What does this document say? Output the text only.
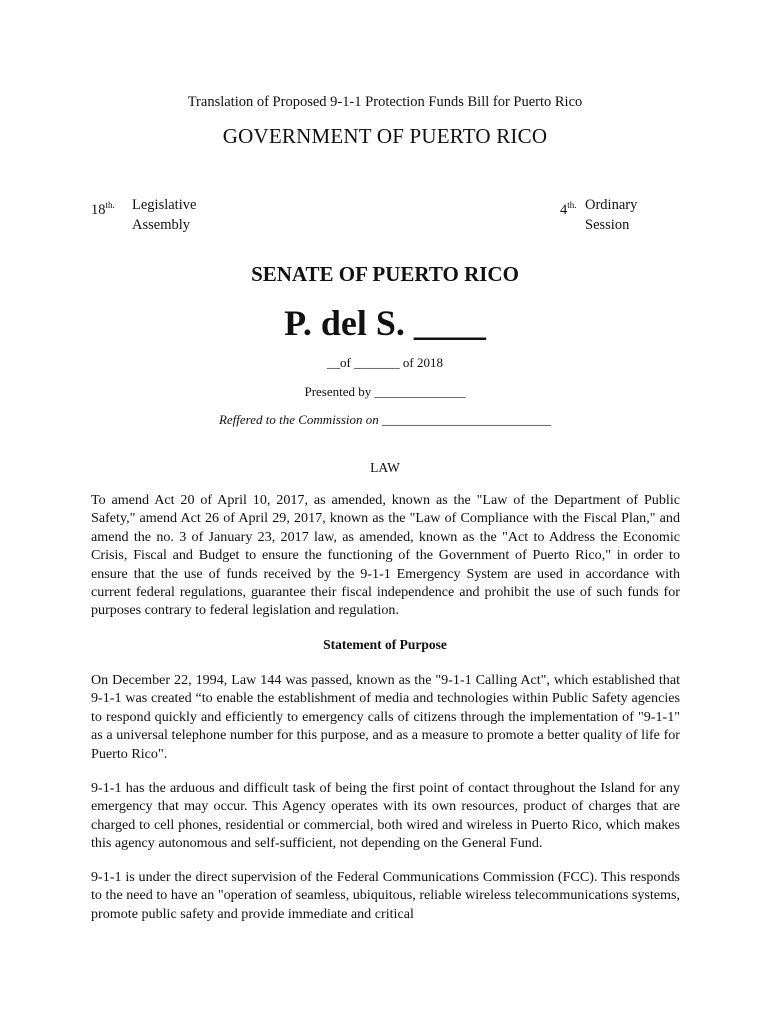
Translation of Proposed 9-1-1 Protection Funds Bill for Puerto Rico
GOVERNMENT OF PUERTO RICO
$18^{th.}$ Legislative
Assembly
$4^{th.}$ Ordinary
Session
SENATE OF PUERTO RICO
P. del S. ____
__of _______ of 2018
Presented by ______________
Reffered to the Commission on __________________________
LAW
To amend Act 20 of April 10, 2017, as amended, known as the "Law of the Department of Public Safety," amend Act 26 of April 29, 2017, known as the "Law of Compliance with the Fiscal Plan," and amend the no. 3 of January 23, 2017 law, as amended, known as the "Act to Address the Economic Crisis, Fiscal and Budget to ensure the functioning of the Government of Puerto Rico," in order to ensure that the use of funds received by the 9-1-1 Emergency System are used in accordance with current federal regulations, guarantee their fiscal independence and prohibit the use of such funds for purposes contrary to federal legislation and regulation.
Statement of Purpose
On December 22, 1994, Law 144 was passed, known as the "9-1-1 Calling Act", which established that 9-1-1 was created “to enable the establishment of media and technologies within Public Safety agencies to respond quickly and efficiently to emergency calls of citizens through the implementation of "9-1-1" as a universal telephone number for this purpose, and as a measure to promote a better quality of life for Puerto Rico".
9-1-1 has the arduous and difficult task of being the first point of contact throughout the Island for any emergency that may occur. This Agency operates with its own resources, product of charges that are charged to cell phones, residential or commercial, both wired and wireless in Puerto Rico, which makes this agency autonomous and self-sufficient, not depending on the General Fund.
9-1-1 is under the direct supervision of the Federal Communications Commission (FCC). This responds to the need to have an "operation of seamless, ubiquitous, reliable wireless telecommunications systems, promote public safety and provide immediate and critical
